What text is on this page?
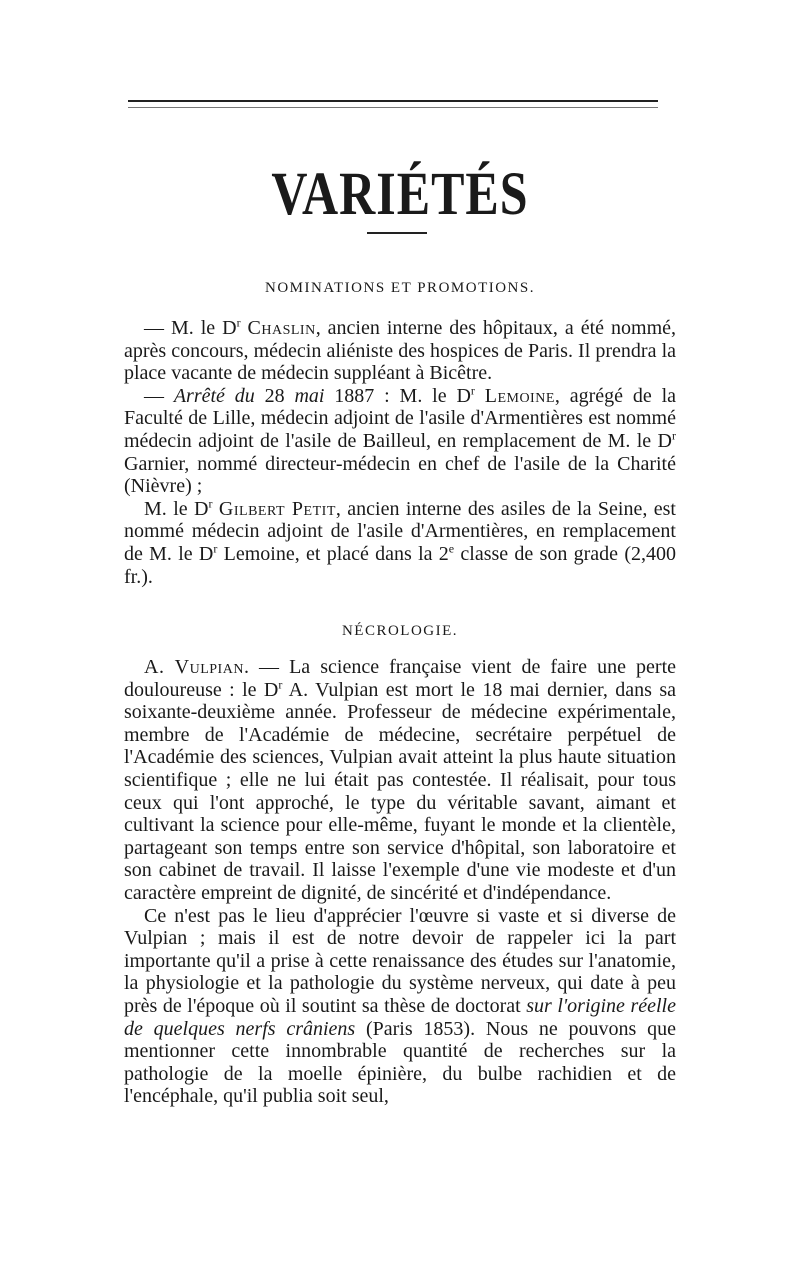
VARIÉTÉS
NOMINATIONS ET PROMOTIONS.

— M. le $D^r$ Chaslin, ancien interne des hôpitaux, a été nommé, après concours, médecin aliéniste des hospices de Paris. Il prendra la place vacante de médecin suppléant à Bicêtre.

— Arrêté du 28 mai 1887 : M. le $D^r$ Lemoine, agrégé de la Faculté de Lille, médecin adjoint de l'asile d'Armentières est nommé médecin adjoint de l'asile de Bailleul, en remplacement de M. le $D^r$ Garnier, nommé directeur-médecin en chef de l'asile de la Charité (Nièvre) ;

M. le $D^r$ Gilbert Petit, ancien interne des asiles de la Seine, est nommé médecin adjoint de l'asile d'Armentières, en remplacement de M. le $D^r$ Lemoine, et placé dans la 2e classe de son grade (2,400 fr.).

NÉCROLOGIE.

A. Vulpian. — La science française vient de faire une perte douloureuse : le $D^r$ A. Vulpian est mort le 18 mai dernier, dans sa soixante-deuxième année. Professeur de médecine expérimentale, membre de l'Académie de médecine, secrétaire perpétuel de l'Académie des sciences, Vulpian avait atteint la plus haute situation scientifique ; elle ne lui était pas contestée. Il réalisait, pour tous ceux qui l'ont approché, le type du véritable savant, aimant et cultivant la science pour elle-même, fuyant le monde et la clientèle, partageant son temps entre son service d'hôpital, son laboratoire et son cabinet de travail. Il laisse l'exemple d'une vie modeste et d'un caractère empreint de dignité, de sincérité et d'indépendance.

Ce n'est pas le lieu d'apprécier l'œuvre si vaste et si diverse de Vulpian ; mais il est de notre devoir de rappeler ici la part importante qu'il a prise à cette renaissance des études sur l'anatomie, la physiologie et la pathologie du système nerveux, qui date à peu près de l'époque où il soutint sa thèse de doctorat sur l'origine réelle de quelques nerfs crâniens (Paris 1853). Nous ne pouvons que mentionner cette innombrable quantité de recherches sur la pathologie de la moelle épinière, du bulbe rachidien et de l'encéphale, qu'il publia soit seul,
